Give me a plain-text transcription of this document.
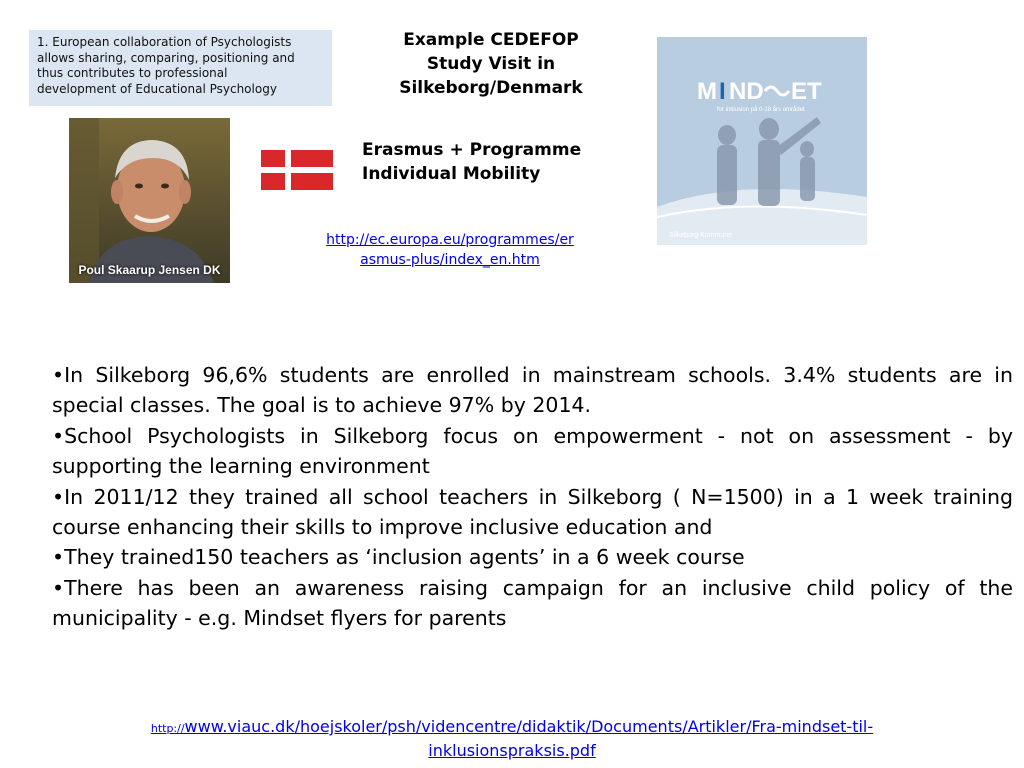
1. European collaboration of Psychologists
allows sharing, comparing, positioning and
thus contributes to professional
development of Educational Psychology
Poul Skaarup Jensen DK
Example CEDEFOP
Study Visit in
Silkeborg/Denmark
Erasmus + Programme
Individual Mobility
http://ec.europa.eu/programmes/er
asmus-plus/index_en.htm
M I ND ET
for inklusion på 0-18 års området
Silkeborg Kommune

•In Silkeborg 96,6% students are enrolled in mainstream schools. 3.4% students are in special classes. The goal is to achieve 97% by 2014.

•School Psychologists in Silkeborg focus on empowerment - not on assessment - by supporting the learning environment

•In 2011/12 they trained all school teachers in Silkeborg ( N=1500) in a 1 week training course enhancing their skills to improve inclusive education and

•They trained150 teachers as ‘inclusion agents’ in a 6 week course

•There has been an awareness raising campaign for an inclusive child policy of the municipality - e.g. Mindset flyers for parents

http://www.viauc.dk/hoejskoler/psh/videncentre/didaktik/Documents/Artikler/Fra-mindset-til-
inklusionspraksis.pdf
